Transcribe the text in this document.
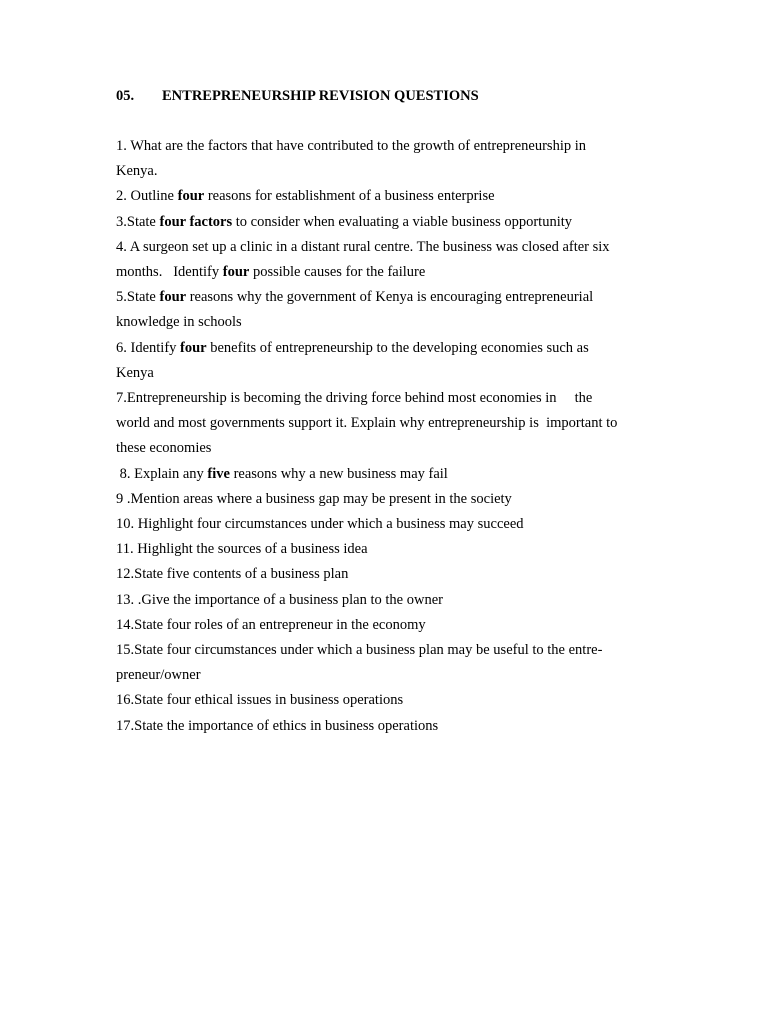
05. ENTREPRENEURSHIP REVISION QUESTIONS

1. What are the factors that have contributed to the growth of entrepreneurship in

Kenya.

2. Outline four reasons for establishment of a business enterprise

3.State four factors to consider when evaluating a viable business opportunity

4. A surgeon set up a clinic in a distant rural centre. The business was closed after six

months.   Identify four possible causes for the failure

5.State four reasons why the government of Kenya is encouraging entrepreneurial

knowledge in schools

6. Identify four benefits of entrepreneurship to the developing economies such as

Kenya

7.Entrepreneurship is becoming the driving force behind most economies in     the

world and most governments support it. Explain why entrepreneurship is  important to

these economies

8. Explain any five reasons why a new business may fail

9 .Mention areas where a business gap may be present in the society

10. Highlight four circumstances under which a business may succeed

11. Highlight the sources of a business idea

12.State five contents of a business plan

13. .Give the importance of a business plan to the owner

14.State four roles of an entrepreneur in the economy

15.State four circumstances under which a business plan may be useful to the entre-

preneur/owner

16.State four ethical issues in business operations

17.State the importance of ethics in business operations
